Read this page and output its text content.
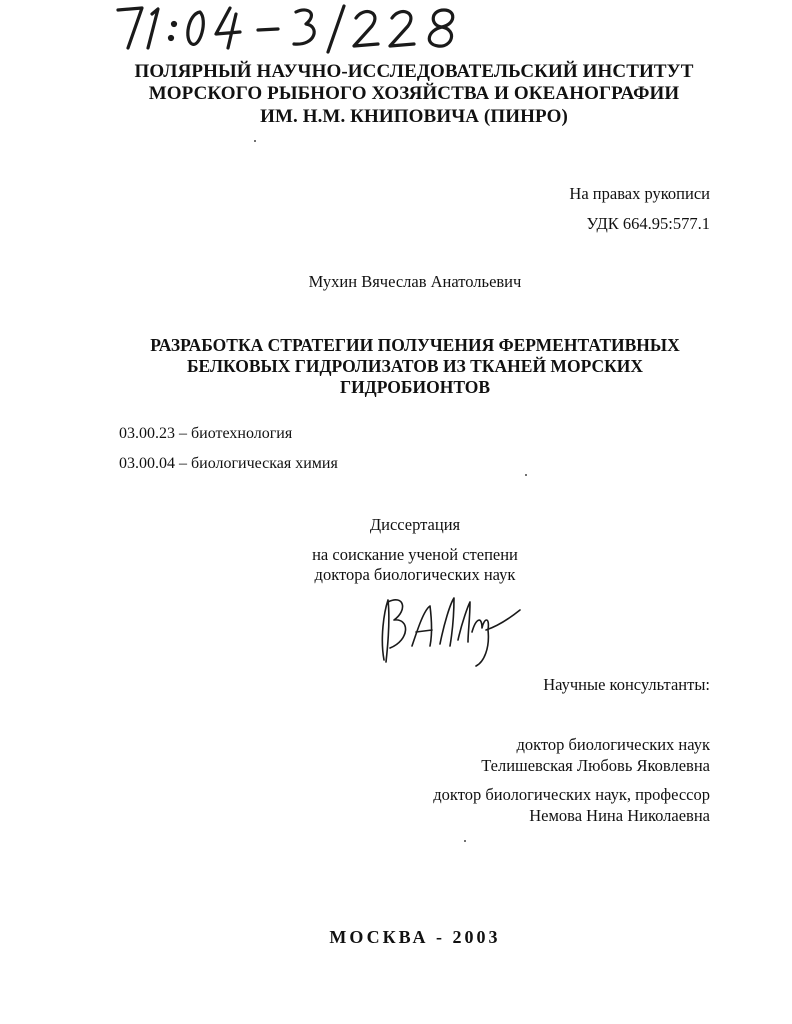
ПОЛЯРНЫЙ НАУЧНО-ИССЛЕДОВАТЕЛЬСКИЙ ИНСТИТУТ
МОРСКОГО РЫБНОГО ХОЗЯЙСТВА И ОКЕАНОГРАФИИ
ИМ. Н.М. КНИПОВИЧА (ПИНРО)
На правах рукописи
УДК 664.95:577.1
Мухин Вячеслав Анатольевич
РАЗРАБОТКА СТРАТЕГИИ ПОЛУЧЕНИЯ ФЕРМЕНТАТИВНЫХ
БЕЛКОВЫХ ГИДРОЛИЗАТОВ ИЗ ТКАНЕЙ МОРСКИХ
ГИДРОБИОНТОВ
03.00.23 – биотехнология
03.00.04 – биологическая химия
Диссертация
на соискание ученой степени
доктора биологических наук
Научные консультанты:
доктор биологических наук
Телишевская Любовь Яковлевна
доктор биологических наук, профессор
Немова Нина Николаевна
МОСКВА - 2003
